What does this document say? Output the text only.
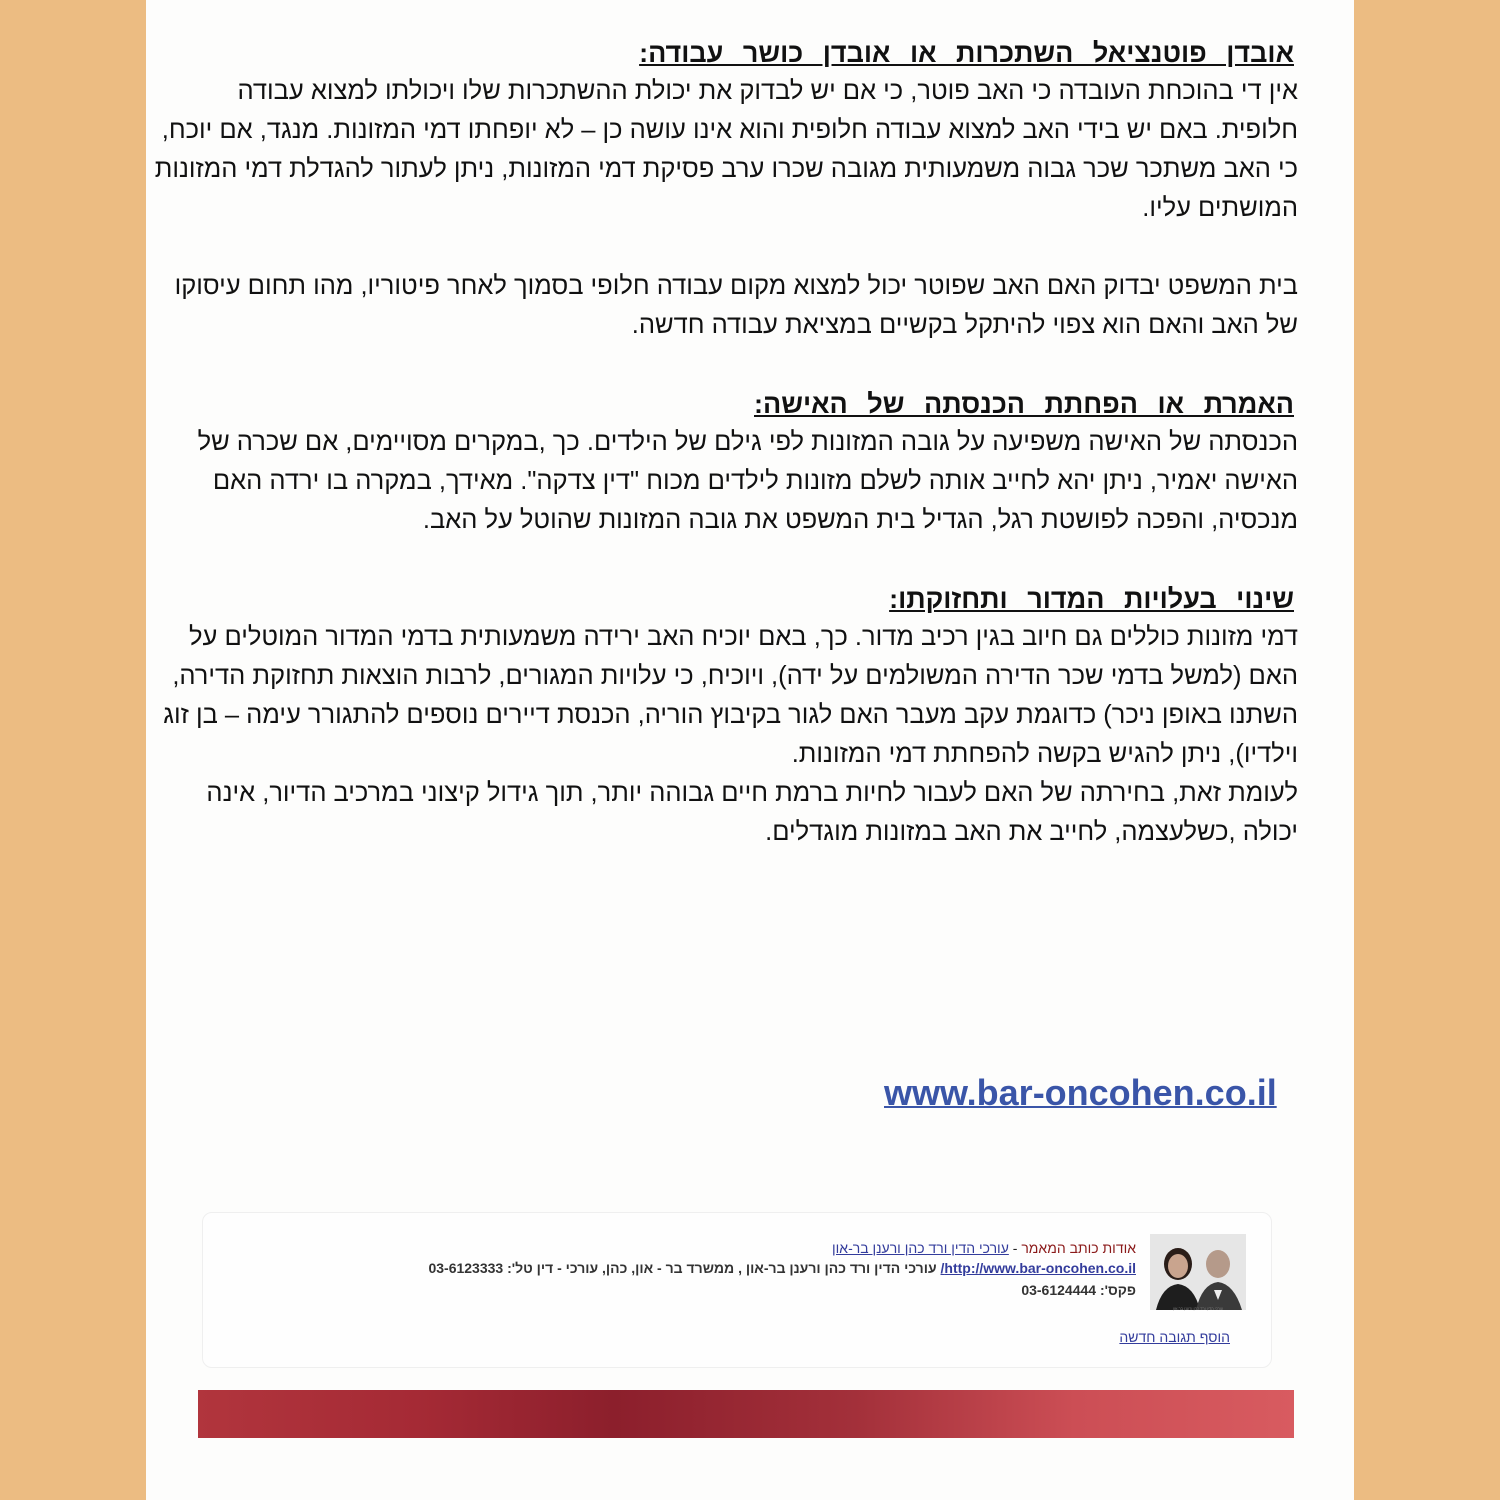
אובדן פוטנציאל השתכרות או אובדן כושר עבודה:

אין די בהוכחת העובדה כי האב פוטר, כי אם יש לבדוק את יכולת ההשתכרות שלו ויכולתו למצוא עבודה חלופית. באם יש בידי האב למצוא עבודה חלופית והוא אינו עושה כן – לא יופחתו דמי המזונות. מנגד, אם יוכח, כי האב משתכר שכר גבוה משמעותית מגובה שכרו ערב פסיקת דמי המזונות, ניתן לעתור להגדלת דמי המזונות המושתים עליו.

בית המשפט יבדוק האם האב שפוטר יכול למצוא מקום עבודה חלופי בסמוך לאחר פיטוריו, מהו תחום עיסוקו של האב והאם הוא צפוי להיתקל בקשיים במציאת עבודה חדשה.

האמרת או הפחתת הכנסתה של האישה:

הכנסתה של האישה משפיעה על גובה המזונות לפי גילם של הילדים. כך ,במקרים מסויימים, אם שכרה של האישה יאמיר, ניתן יהא לחייב אותה לשלם מזונות לילדים מכוח "דין צדקה". מאידך, במקרה בו ירדה האם מנכסיה, והפכה לפושטת רגל, הגדיל בית המשפט את גובה המזונות שהוטל על האב.

שינוי בעלויות המדור ותחזוקתו:

דמי מזונות כוללים גם חיוב בגין רכיב מדור. כך, באם יוכיח האב ירידה משמעותית בדמי המדור המוטלים על האם (למשל בדמי שכר הדירה המשולמים על ידה), ויוכיח, כי עלויות המגורים, לרבות הוצאות תחזוקת הדירה, השתנו באופן ניכר) כדוגמת עקב מעבר האם לגור בקיבוץ הוריה, הכנסת דיירים נוספים להתגורר עימה – בן זוג וילדיו), ניתן להגיש בקשה להפחתת דמי המזונות.

לעומת זאת, בחירתה של האם לעבור לחיות ברמת חיים גבוהה יותר, תוך גידול קיצוני במרכיב הדיור, אינה יכולה ,כשלעצמה, לחייב את האב במזונות מוגדלים.

www.bar-oncohen.co.il
עורכי הדין ורד כהן ורענן בר-און
אודות כותב המאמר - עורכי הדין ורד כהן ורענן בר-און
http://www.bar-oncohen.co.il/ עורכי הדין ורד כהן ורענן בר-און , ממשרד בר - און, כהן, עורכי - דין טל': 03-6123333
פקס': 03-6124444
הוסף תגובה חדשה
